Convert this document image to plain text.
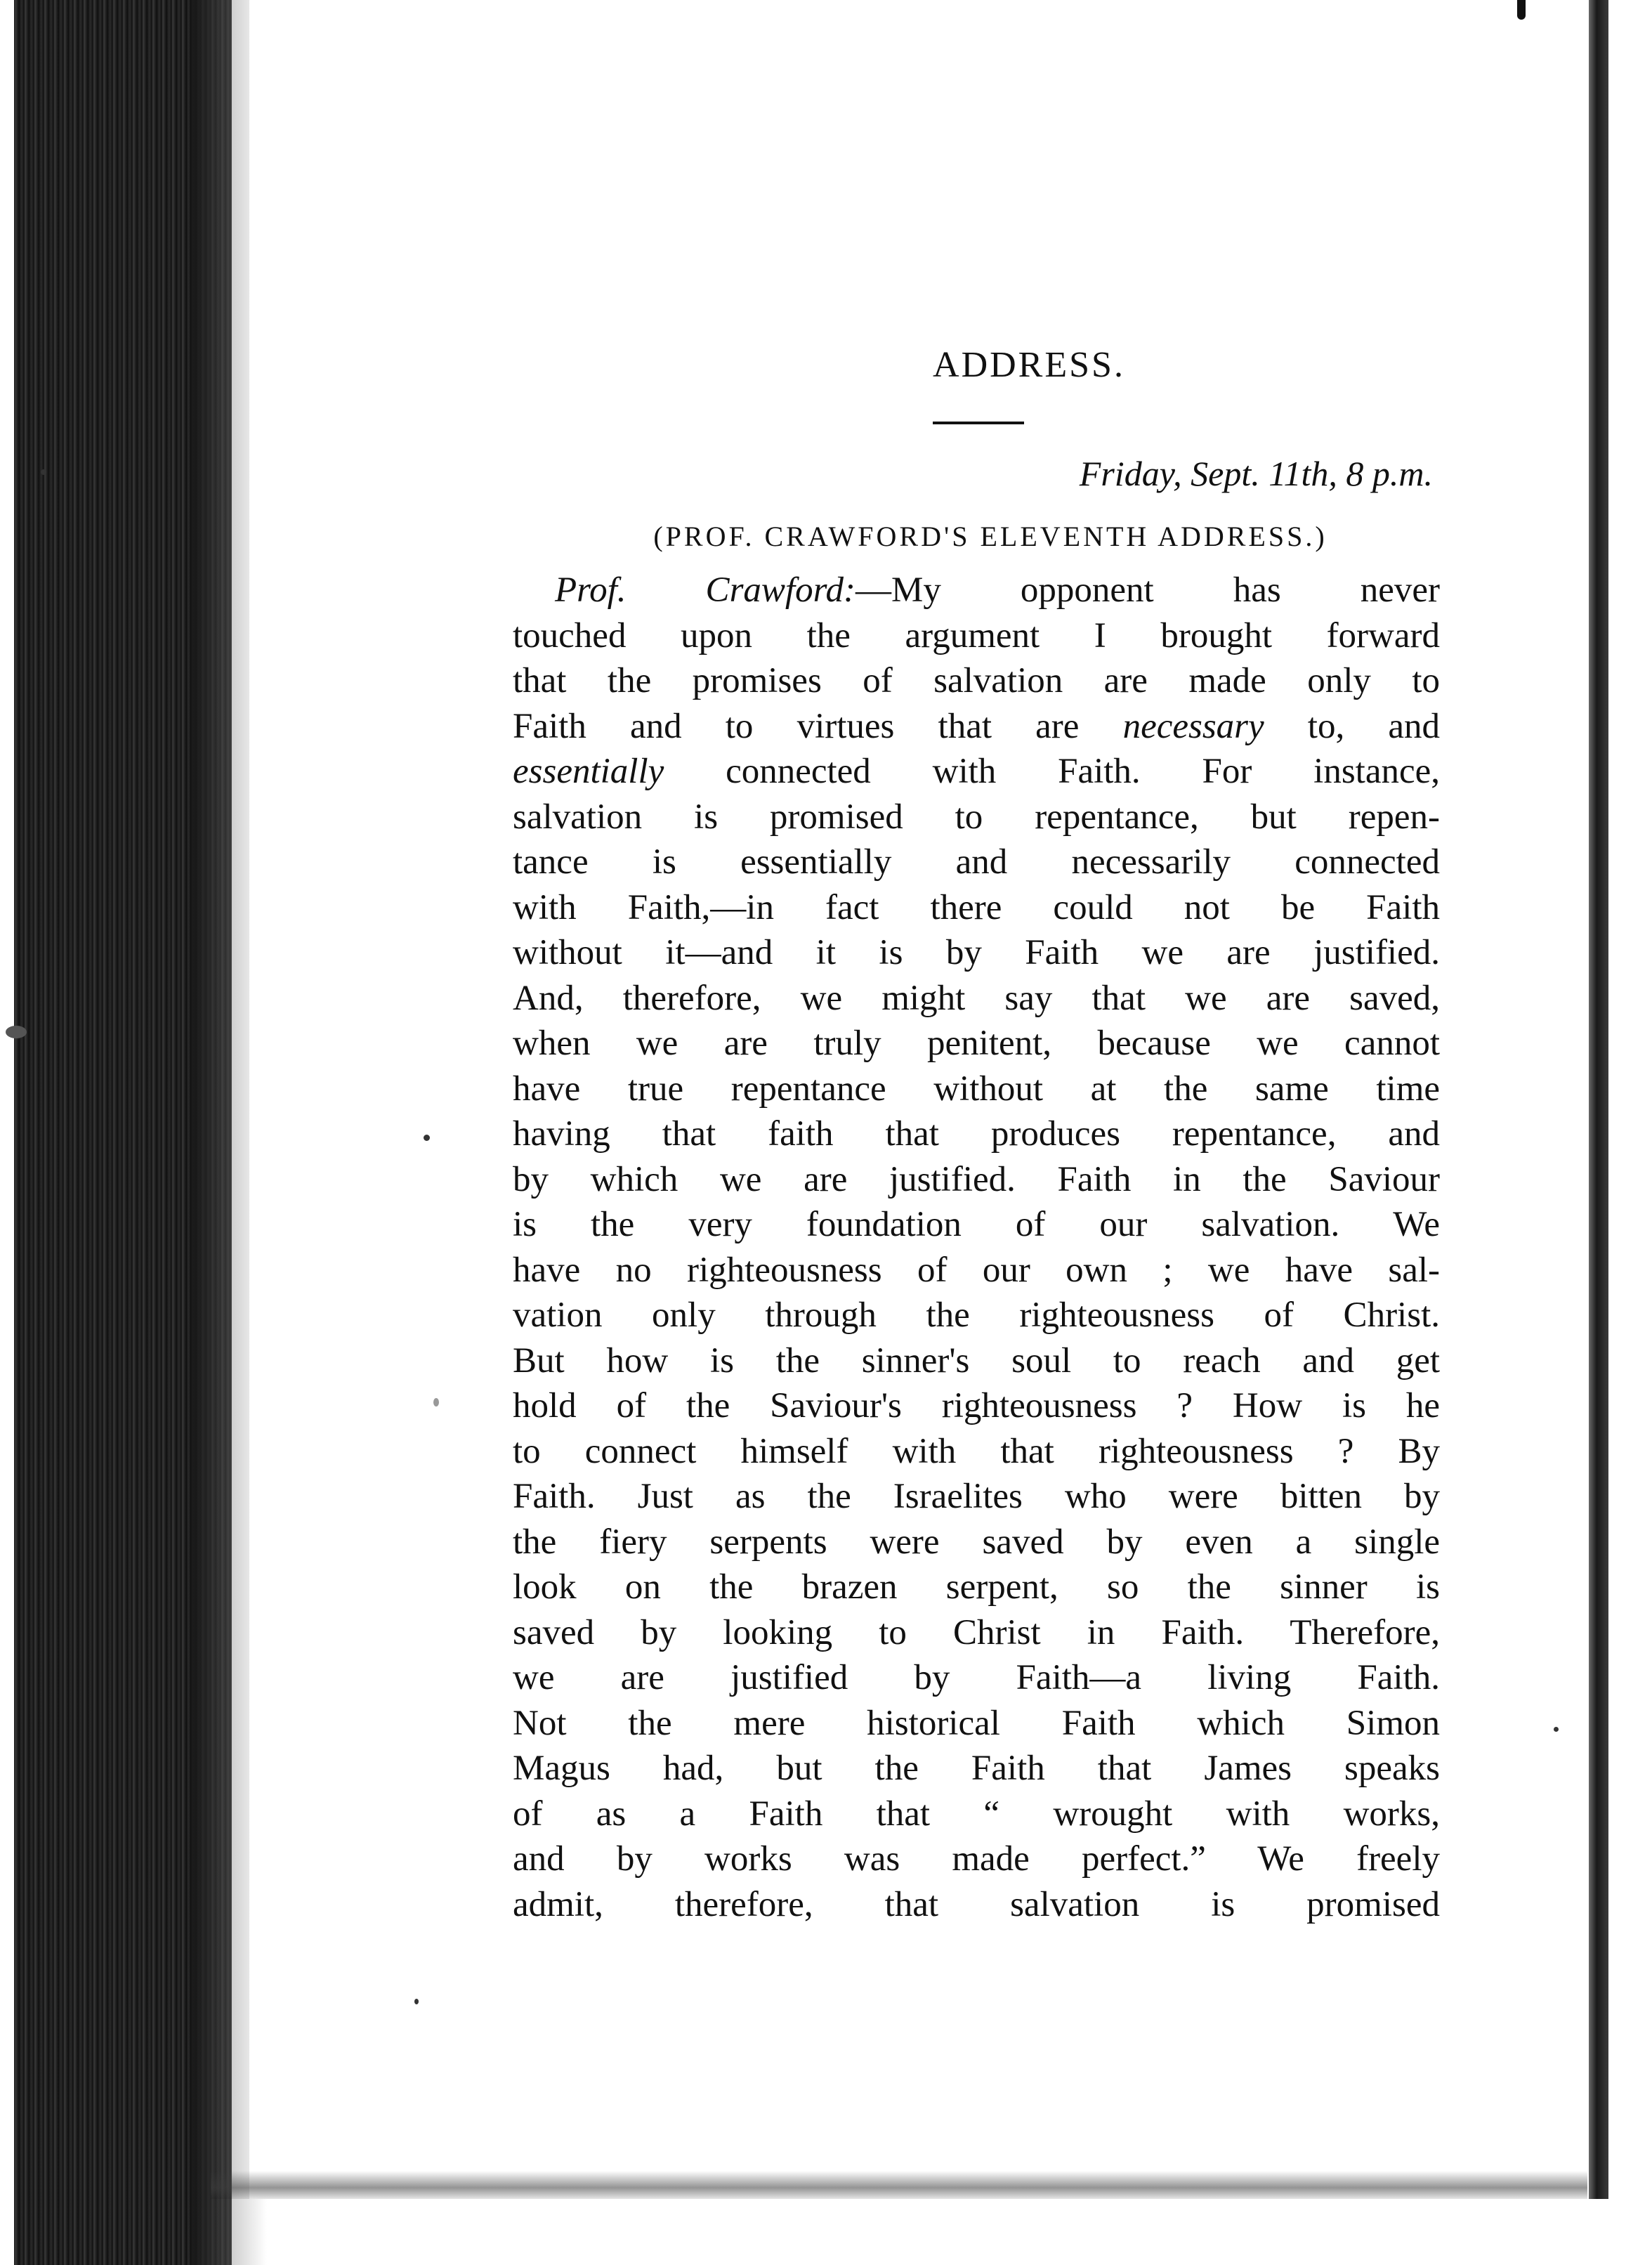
ADDRESS.
Friday, Sept. 11th, 8 p.m.
(PROF. CRAWFORD'S ELEVENTH ADDRESS.)
Prof. Crawford:—My opponent has never
touched upon the argument I brought forward
that the promises of salvation are made only to
Faith and to virtues that are necessary to, and
essentially connected with Faith. For instance,
salvation is promised to repentance, but repen-
tance is essentially and necessarily connected
with Faith,—in fact there could not be Faith
without it—and it is by Faith we are justified.
And, therefore, we might say that we are saved,
when we are truly penitent, because we cannot
have true repentance without at the same time
having that faith that produces repentance, and
by which we are justified. Faith in the Saviour
is the very foundation of our salvation. We
have no righteousness of our own ; we have sal-
vation only through the righteousness of Christ.
But how is the sinner's soul to reach and get
hold of the Saviour's righteousness ? How is he
to connect himself with that righteousness ? By
Faith. Just as the Israelites who were bitten by
the fiery serpents were saved by even a single
look on the brazen serpent, so the sinner is
saved by looking to Christ in Faith. Therefore,
we are justified by Faith—a living Faith.
Not the mere historical Faith which Simon
Magus had, but the Faith that James speaks
of as a Faith that “ wrought with works,
and by works was made perfect.” We freely
admit, therefore, that salvation is promised
